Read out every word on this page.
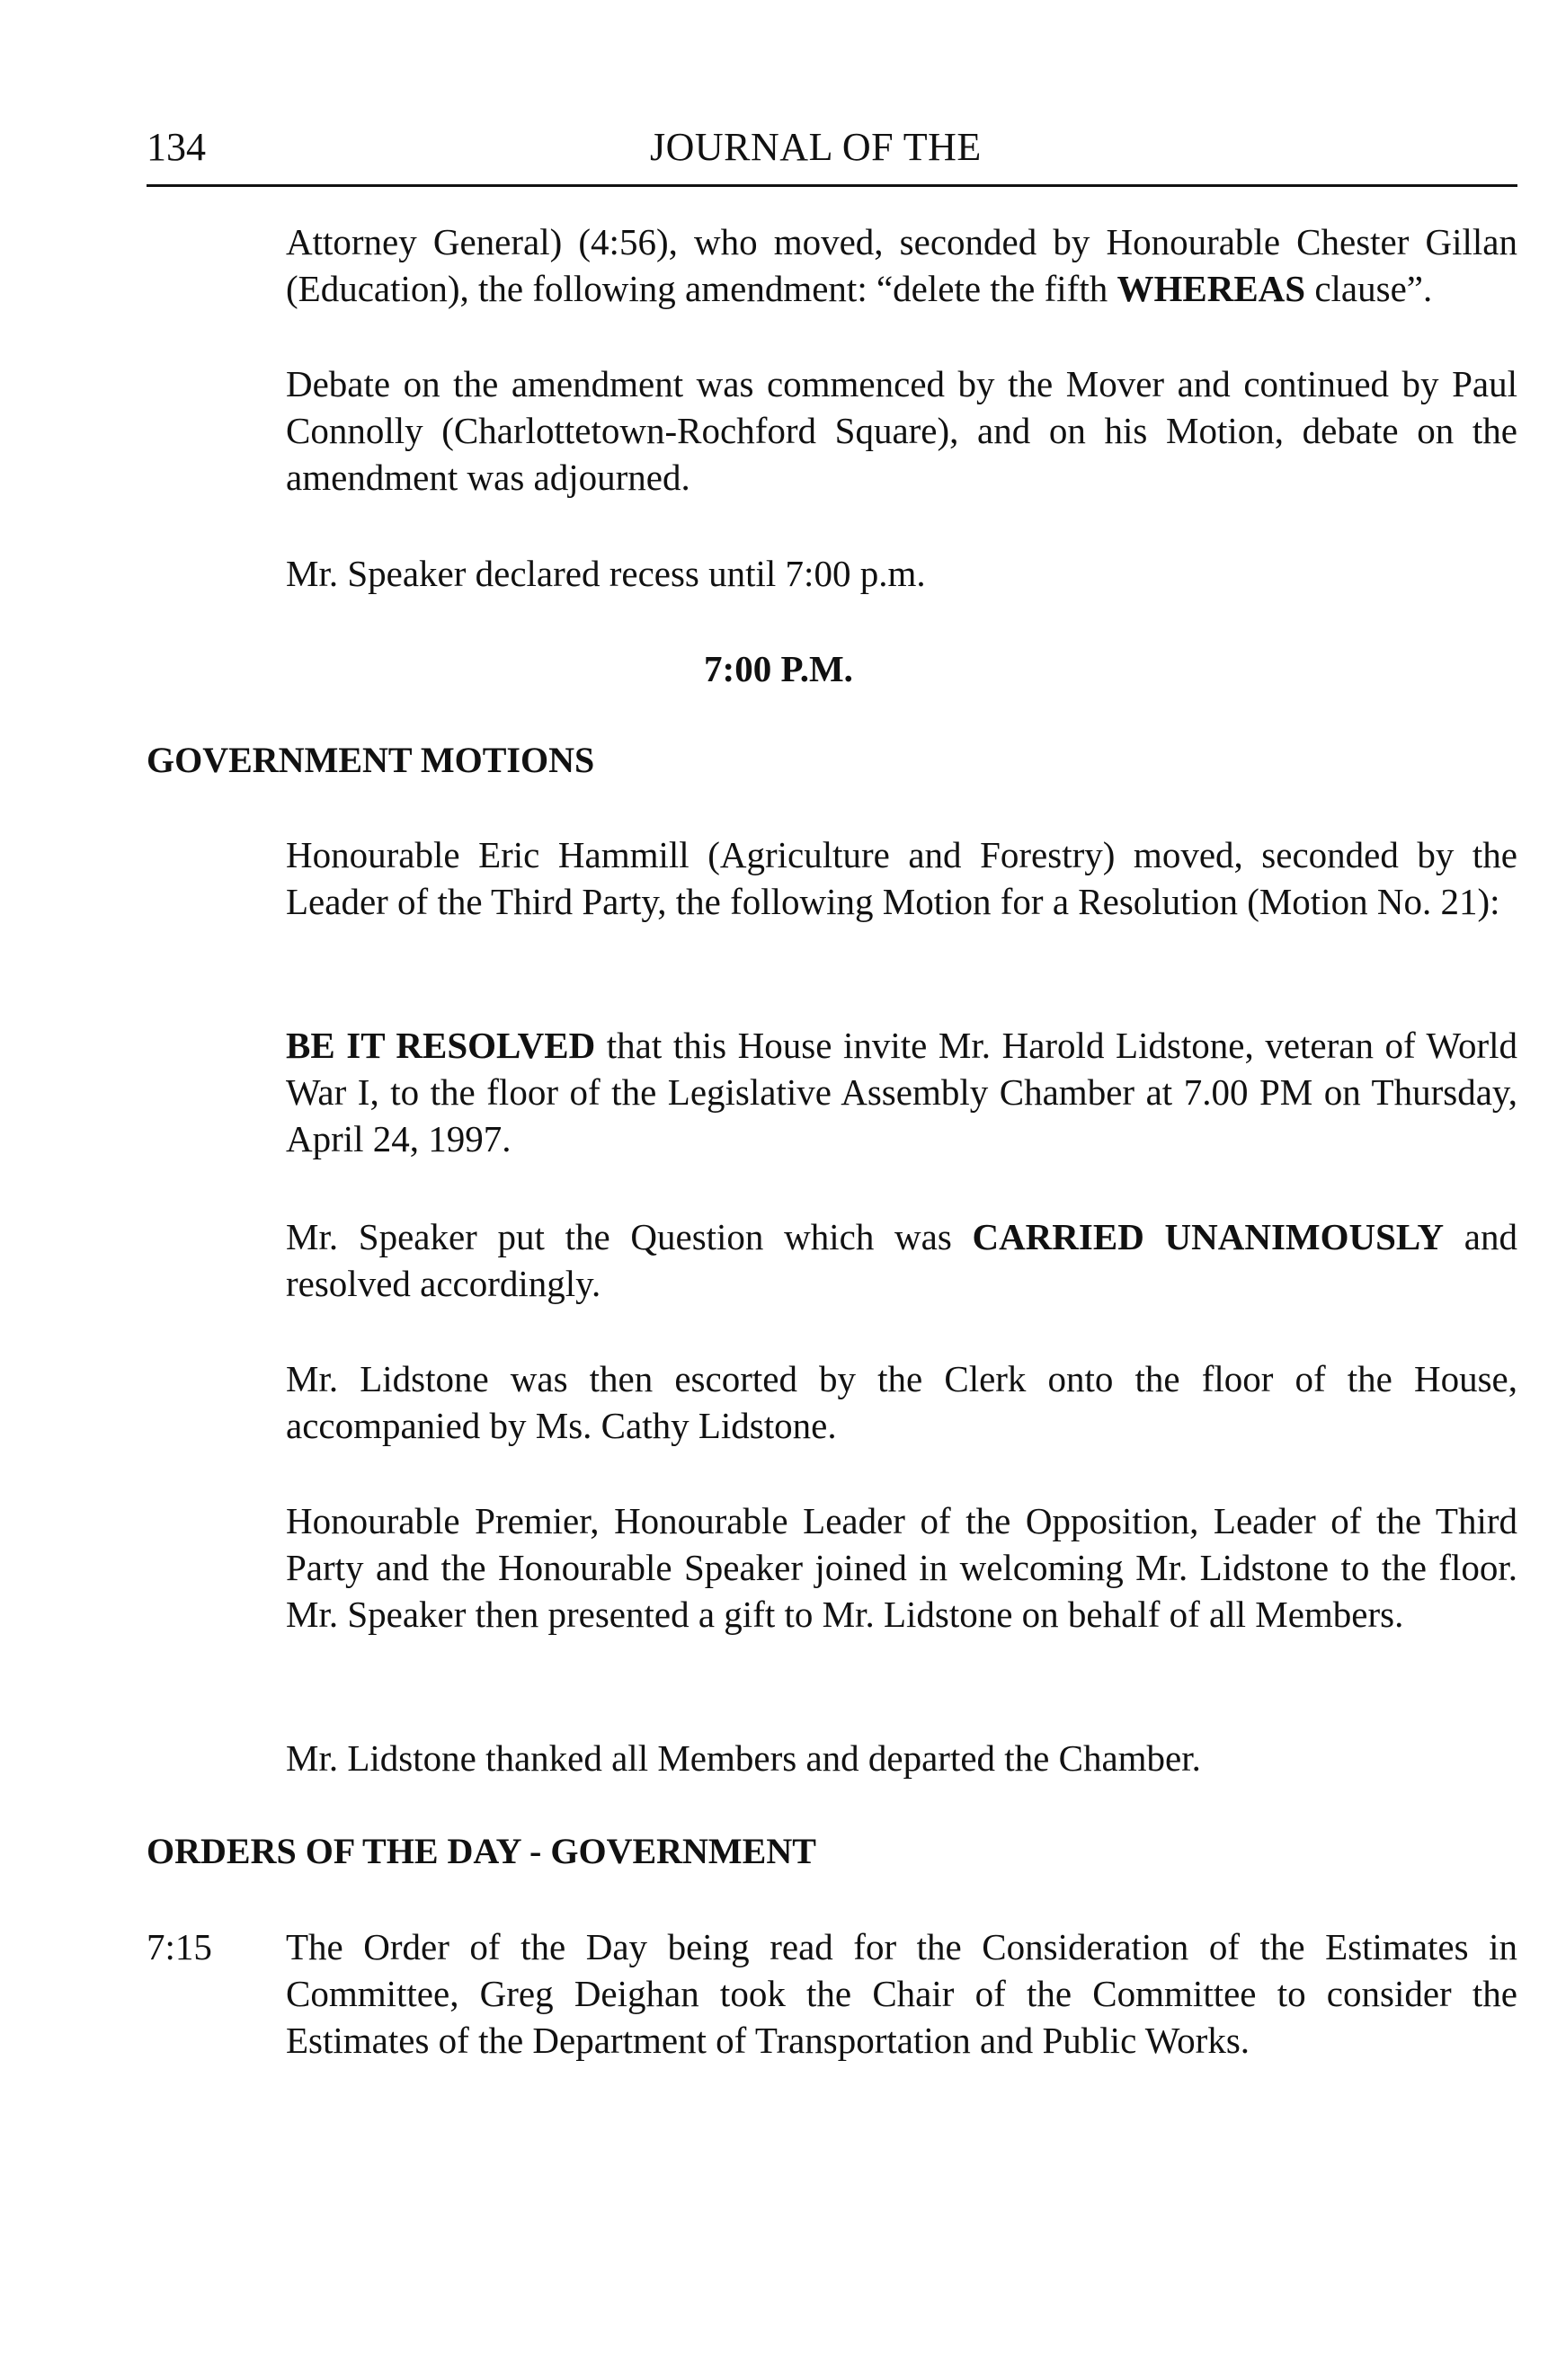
134	JOURNAL OF THE

Attorney General) (4:56), who moved, seconded by Honourable Chester Gillan (Education), the following amendment: “delete the fifth WHEREAS clause”.

Debate on the amendment was commenced by the Mover and continued by Paul Connolly (Charlottetown-Rochford Square), and on his Motion, debate on the amendment was adjourned.

Mr. Speaker declared recess until 7:00 p.m.

7:00 P.M.
GOVERNMENT MOTIONS

Honourable Eric Hammill (Agriculture and Forestry) moved, seconded by the Leader of the Third Party, the following Motion for a Resolution (Motion No. 21):

BE IT RESOLVED that this House invite Mr. Harold Lidstone, veteran of World War I, to the floor of the Legislative Assembly Chamber at 7.00 PM on Thursday, April 24, 1997.

Mr. Speaker put the Question which was CARRIED UNANIMOUSLY and resolved accordingly.

Mr. Lidstone was then escorted by the Clerk onto the floor of the House, accompanied by Ms. Cathy Lidstone.

Honourable Premier, Honourable Leader of the Opposition, Leader of the Third Party and the Honourable Speaker joined in welcoming Mr. Lidstone to the floor. Mr. Speaker then presented a gift to Mr. Lidstone on behalf of all Members.

Mr. Lidstone thanked all Members and departed the Chamber.

ORDERS OF THE DAY - GOVERNMENT
7:15 The Order of the Day being read for the Consideration of the Estimates in Committee, Greg Deighan took the Chair of the Committee to consider the Estimates of the Department of Transportation and Public Works.
